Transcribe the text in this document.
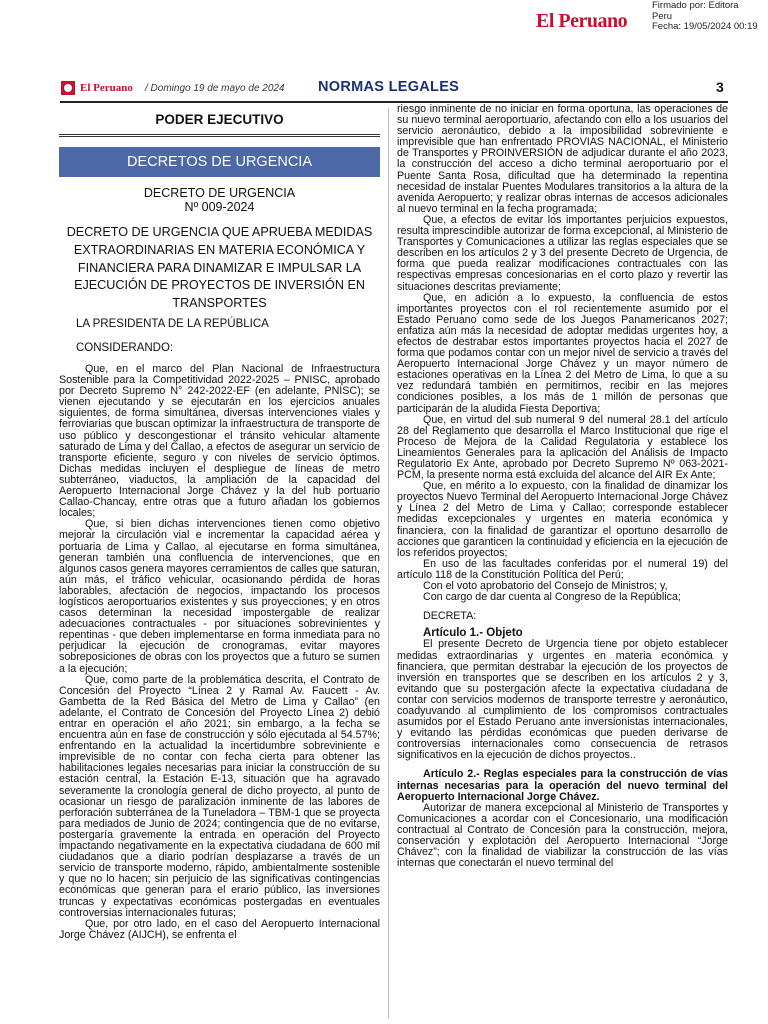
El Peruano
Firmado por: Editora
Peru
Fecha: 19/05/2024 00:19
El Peruano / Domingo 19 de mayo de 2024 NORMAS LEGALES	3
PODER EJECUTIVO
DECRETOS DE URGENCIA
DECRETO DE URGENCIA
Nº 009-2024
DECRETO DE URGENCIA QUE APRUEBA MEDIDAS EXTRAORDINARIAS EN MATERIA ECONÓMICA Y FINANCIERA PARA DINAMIZAR E IMPULSAR LA EJECUCIÓN DE PROYECTOS DE INVERSIÓN EN TRANSPORTES
LA PRESIDENTA DE LA REPÚBLICA
CONSIDERANDO:

Que, en el marco del Plan Nacional de Infraestructura Sostenible para la Competitividad 2022-2025 – PNISC, aprobado por Decreto Supremo N° 242-2022-EF (en adelante, PNISC); se vienen ejecutando y se ejecutarán en los ejercicios anuales siguientes, de forma simultánea, diversas intervenciones viales y ferroviarias que buscan optimizar la infraestructura de transporte de uso público y descongestionar el tránsito vehicular altamente saturado de Lima y del Callao, a efectos de asegurar un servicio de transporte eficiente, seguro y con niveles de servicio óptimos. Dichas medidas incluyen el despliegue de líneas de metro subterráneo, viaductos, la ampliación de la capacidad del Aeropuerto Internacional Jorge Chávez y la del hub portuario Callao-Chancay, entre otras que a futuro añadan los gobiernos locales;

Que, si bien dichas intervenciones tienen como objetivo mejorar la circulación vial e incrementar la capacidad aérea y portuaria de Lima y Callao, al ejecutarse en forma simultánea, generan también una confluencia de intervenciones, que en algunos casos genera mayores cerramientos de calles que saturan, aún más, el tráfico vehicular, ocasionando pérdida de horas laborables, afectación de negocios, impactando los procesos logísticos aeroportuarios existentes y sus proyecciones; y en otros casos determinan la necesidad impostergable de realizar adecuaciones contractuales - por situaciones sobrevinientes y repentinas - que deben implementarse en forma inmediata para no perjudicar la ejecución de cronogramas, evitar mayores sobreposiciones de obras con los proyectos que a futuro se sumen a la ejecución;

Que, como parte de la problemática descrita, el Contrato de Concesión del Proyecto “Línea 2 y Ramal Av. Faucett - Av. Gambetta de la Red Básica del Metro de Lima y Callao” (en adelante, el Contrato de Concesión del Proyecto Línea 2) debió entrar en operación el año 2021; sin embargo, a la fecha se encuentra aún en fase de construcción y sólo ejecutada al 54.57%; enfrentando en la actualidad la incertidumbre sobreviniente e imprevisible de no contar con fecha cierta para obtener las habilitaciones legales necesarias para iniciar la construcción de su estación central, la Estación E-13, situación que ha agravado severamente la cronología general de dicho proyecto, al punto de ocasionar un riesgo de paralización inminente de las labores de perforación subterránea de la Tuneladora – TBM-1 que se proyecta para mediados de Junio de 2024; contingencia que de no evitarse, postergaría gravemente la entrada en operación del Proyecto impactando negativamente en la expectativa ciudadana de 600 mil ciudadanos que a diario podrían desplazarse a través de un servicio de transporte moderno, rápido, ambientalmente sostenible y que no lo hacen; sin perjuicio de las significativas contingencias económicas que generan para el erario público, las inversiones truncas y expectativas económicas postergadas en eventuales controversias internacionales futuras;

Que, por otro lado, en el caso del Aeropuerto Internacional Jorge Chávez (AIJCH), se enfrenta el

riesgo inminente de no iniciar en forma oportuna, las operaciones de su nuevo terminal aeroportuario, afectando con ello a los usuarios del servicio aeronáutico, debido a la imposibilidad sobreviniente e imprevisible que han enfrentado PROVIAS NACIONAL, el Ministerio de Transportes y PROINVERSIÓN de adjudicar durante el año 2023, la construcción del acceso a dicho terminal aeroportuario por el Puente Santa Rosa, dificultad que ha determinado la repentina necesidad de instalar Puentes Modulares transitorios a la altura de la avenida Aeropuerto; y realizar obras internas de accesos adicionales al nuevo terminal en la fecha programada;

Que, a efectos de evitar los importantes perjuicios expuestos, resulta imprescindible autorizar de forma excepcional, al Ministerio de Transportes y Comunicaciones a utilizar las reglas especiales que se describen en los artículos 2 y 3 del presente Decreto de Urgencia, de forma que pueda realizar modificaciones contractuales con las respectivas empresas concesionarias en el corto plazo y revertir las situaciones descritas previamente;

Que, en adición a lo expuesto, la confluencia de estos importantes proyectos con el rol recientemente asumido por el Estado Peruano como sede de los Juegos Panamericanos 2027; enfatiza aún más la necesidad de adoptar medidas urgentes hoy, a efectos de destrabar estos importantes proyectos hacia el 2027 de forma que podamos contar con un mejor nivel de servicio a través del Aeropuerto Internacional Jorge Chávez y un mayor número de estaciones operativas en la Línea 2 del Metro de Lima, lo que a su vez redundará también en permitirnos, recibir en las mejores condiciones posibles, a los más de 1 millón de personas que participarán de la aludida Fiesta Deportiva;

Que, en virtud del sub numeral 9 del numeral 28.1 del artículo 28 del Reglamento que desarrolla el Marco Institucional que rige el Proceso de Mejora de la Calidad Regulatoria y establece los Lineamientos Generales para la aplicación del Análisis de Impacto Regulatorio Ex Ante, aprobado por Decreto Supremo Nº 063-2021-PCM, la presente norma está excluida del alcance del AIR Ex Ante;

Que, en mérito a lo expuesto, con la finalidad de dinamizar los proyectos Nuevo Terminal del Aeropuerto Internacional Jorge Chávez y Línea 2 del Metro de Lima y Callao; corresponde establecer medidas excepcionales y urgentes en materia económica y financiera, con la finalidad de garantizar el oportuno desarrollo de acciones que garanticen la continuidad y eficiencia en la ejecución de los referidos proyectos;

En uso de las facultades conferidas por el numeral 19) del artículo 118 de la Constitución Política del Perú;

Con el voto aprobatorio del Consejo de Ministros; y,

Con cargo de dar cuenta al Congreso de la República;

DECRETA:

Artículo 1.- Objeto

El presente Decreto de Urgencia tiene por objeto establecer medidas extraordinarias y urgentes en materia económica y financiera, que permitan destrabar la ejecución de los proyectos de inversión en transportes que se describen en los artículos 2 y 3, evitando que su postergación afecte la expectativa ciudadana de contar con servicios modernos de transporte terrestre y aeronáutico, coadyuvando al cumplimiento de los compromisos contractuales asumidos por el Estado Peruano ante inversionistas internacionales, y evitando las pérdidas económicas que pueden derivarse de controversias internacionales como consecuencia de retrasos significativos en la ejecución de dichos proyectos..

Artículo 2.- Reglas especiales para la construcción de vías internas necesarias para la operación del nuevo terminal del Aeropuerto Internacional Jorge Chávez.

Autorizar de manera excepcional al Ministerio de Transportes y Comunicaciones a acordar con el Concesionario, una modificación contractual al Contrato de Concesión para la construcción, mejora, conservación y explotación del Aeropuerto Internacional “Jorge Chávez”; con la finalidad de viabilizar la construcción de las vías internas que conectarán el nuevo terminal del
